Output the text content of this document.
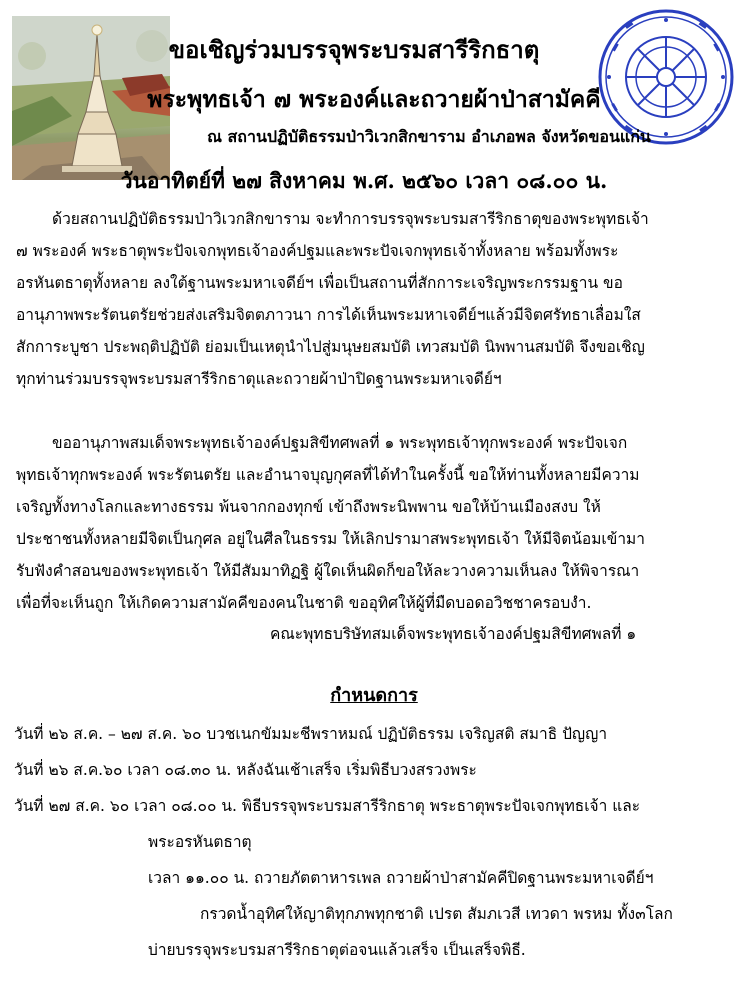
ขอเชิญร่วมบรรจุพระบรมสารีริกธาตุ
พระพุทธเจ้า ๗ พระองค์และถวายผ้าป่าสามัคคี
ณ สถานปฏิบัติธรรมป่าวิเวกสิกขาราม อำเภอพล จังหวัดขอนแก่น
วันอาทิตย์ที่ ๒๗ สิงหาคม พ.ศ. ๒๕๖๐ เวลา ๐๘.๐๐ น.
ด้วยสถานปฏิบัติธรรมป่าวิเวกสิกขาราม จะทำการบรรจุพระบรมสารีริกธาตุของพระพุทธเจ้า
๗ พระองค์ พระธาตุพระปัจเจกพุทธเจ้าองค์ปฐมและพระปัจเจกพุทธเจ้าทั้งหลาย พร้อมทั้งพระ
อรหันตธาตุทั้งหลาย ลงใต้ฐานพระมหาเจดีย์ฯ เพื่อเป็นสถานที่สักการะเจริญพระกรรมฐาน ขอ
อานุภาพพระรัตนตรัยช่วยส่งเสริมจิตตภาวนา การได้เห็นพระมหาเจดีย์ฯแล้วมีจิตศรัทธาเลื่อมใส
สักการะบูชา ประพฤติปฏิบัติ ย่อมเป็นเหตุนำไปสู่มนุษยสมบัติ เทวสมบัติ นิพพานสมบัติ จึงขอเชิญ
ทุกท่านร่วมบรรจุพระบรมสารีริกธาตุและถวายผ้าป่าปิดฐานพระมหาเจดีย์ฯ
ขออานุภาพสมเด็จพระพุทธเจ้าองค์ปฐมสิขีทศพลที่ ๑ พระพุทธเจ้าทุกพระองค์ พระปัจเจก
พุทธเจ้าทุกพระองค์ พระรัตนตรัย และอำนาจบุญกุศลที่ได้ทำในครั้งนี้ ขอให้ท่านทั้งหลายมีความ
เจริญทั้งทางโลกและทางธรรม พ้นจากกองทุกข์ เข้าถึงพระนิพพาน ขอให้บ้านเมืองสงบ ให้
ประชาชนทั้งหลายมีจิตเป็นกุศล อยู่ในศีลในธรรม ให้เลิกปรามาสพระพุทธเจ้า ให้มีจิตน้อมเข้ามา
รับฟังคำสอนของพระพุทธเจ้า ให้มีสัมมาทิฏฐิ ผู้ใดเห็นผิดก็ขอให้ละวางความเห็นลง ให้พิจารณา
เพื่อที่จะเห็นถูก ให้เกิดความสามัคคีของคนในชาติ ขออุทิศให้ผู้ที่มืดบอดอวิชชาครอบงำ.
คณะพุทธบริษัทสมเด็จพระพุทธเจ้าองค์ปฐมสิขีทศพลที่ ๑
กำหนดการ
วันที่ ๒๖ ส.ค. – ๒๗ ส.ค. ๖๐ บวชเนกขัมมะชีพราหมณ์ ปฏิบัติธรรม เจริญสติ สมาธิ ปัญญา
วันที่ ๒๖ ส.ค.๖๐ เวลา ๐๘.๓๐ น. หลังฉันเช้าเสร็จ เริ่มพิธีบวงสรวงพระ
วันที่ ๒๗ ส.ค. ๖๐ เวลา ๐๘.๐๐ น. พิธีบรรจุพระบรมสารีริกธาตุ พระธาตุพระปัจเจกพุทธเจ้า และ
พระอรหันตธาตุ
เวลา ๑๑.๐๐ น. ถวายภัตตาหารเพล ถวายผ้าป่าสามัคคีปิดฐานพระมหาเจดีย์ฯ
กรวดน้ำอุทิศให้ญาติทุกภพทุกชาติ เปรต สัมภเวสี เทวดา พรหม ทั้ง๓โลก
บ่ายบรรจุพระบรมสารีริกธาตุต่อจนแล้วเสร็จ เป็นเสร็จพิธี.
